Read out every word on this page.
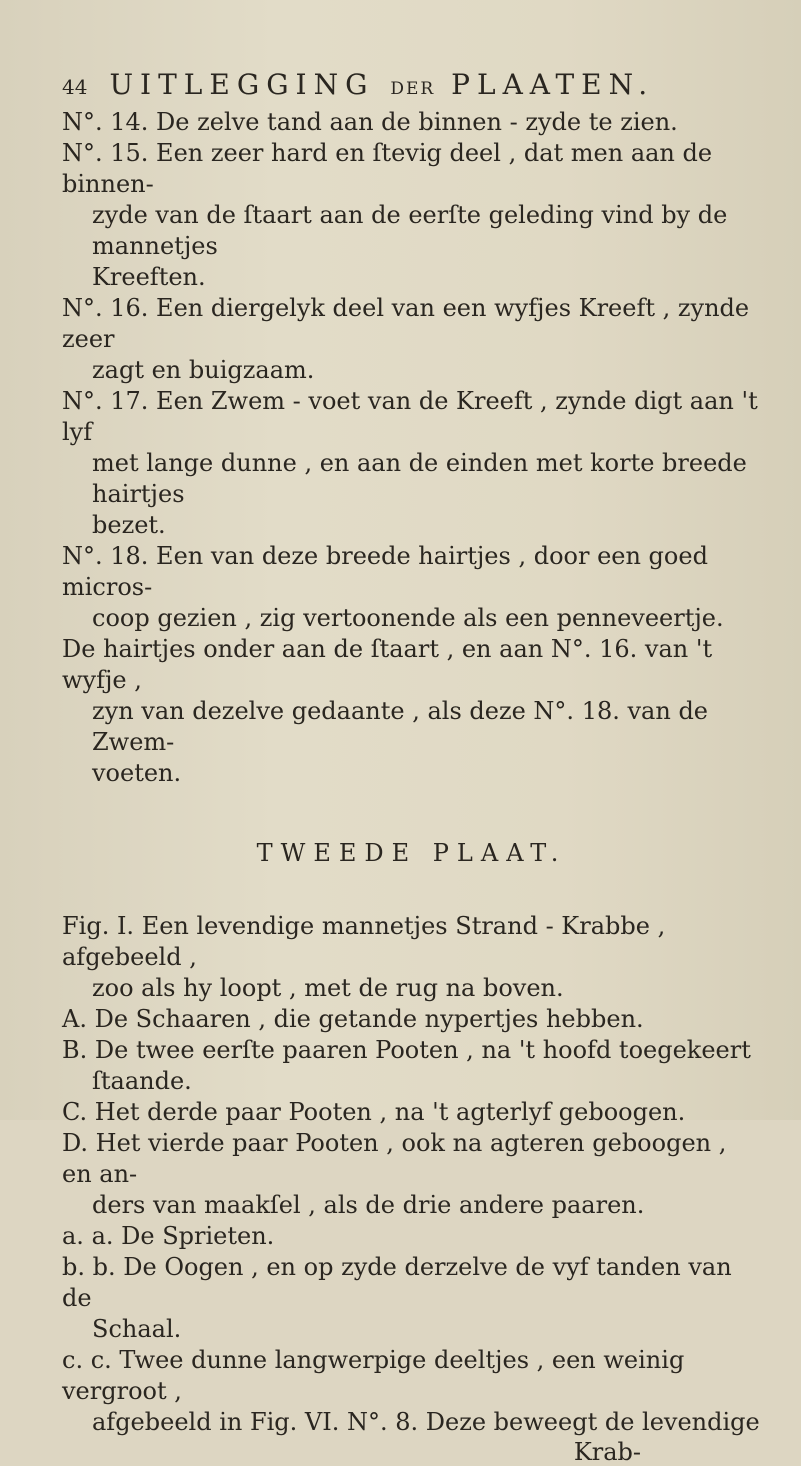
44 UITLEGGING DER PLAATEN.

N°. 14. De zelve tand aan de binnen - zyde te zien.

N°. 15. Een zeer hard en ſtevig deel , dat men aan de binnen-
zyde van de ſtaart aan de eerſte geleding vind by de mannetjes
Kreeften.

N°. 16. Een diergelyk deel van een wyfjes Kreeft , zynde zeer
zagt en buigzaam.

N°. 17. Een Zwem - voet van de Kreeft , zynde digt aan 't lyf
met lange dunne , en aan de einden met korte breede hairtjes
bezet.

N°. 18. Een van deze breede hairtjes , door een goed micros-
coop gezien , zig vertoonende als een penneveertje.

De hairtjes onder aan de ſtaart , en aan N°. 16. van 't wyfje ,
zyn van dezelve gedaante , als deze N°. 18. van de Zwem-
voeten.

TWEEDE PLAAT.

Fig. I. Een levendige mannetjes Strand - Krabbe , afgebeeld ,
zoo als hy loopt , met de rug na boven.

A. De Schaaren , die getande nypertjes hebben.

B. De twee eerſte paaren Pooten , na 't hoofd toegekeert
ſtaande.

C. Het derde paar Pooten , na 't agterlyf geboogen.

D. Het vierde paar Pooten , ook na agteren geboogen , en an-
ders van maakſel , als de drie andere paaren.

a. a. De Sprieten.

b. b. De Oogen , en op zyde derzelve de vyf tanden van de
Schaal.

c. c. Twee dunne langwerpige deeltjes , een weinig vergroot ,
afgebeeld in Fig. VI. N°. 8. Deze beweegt de levendige

Krab-
